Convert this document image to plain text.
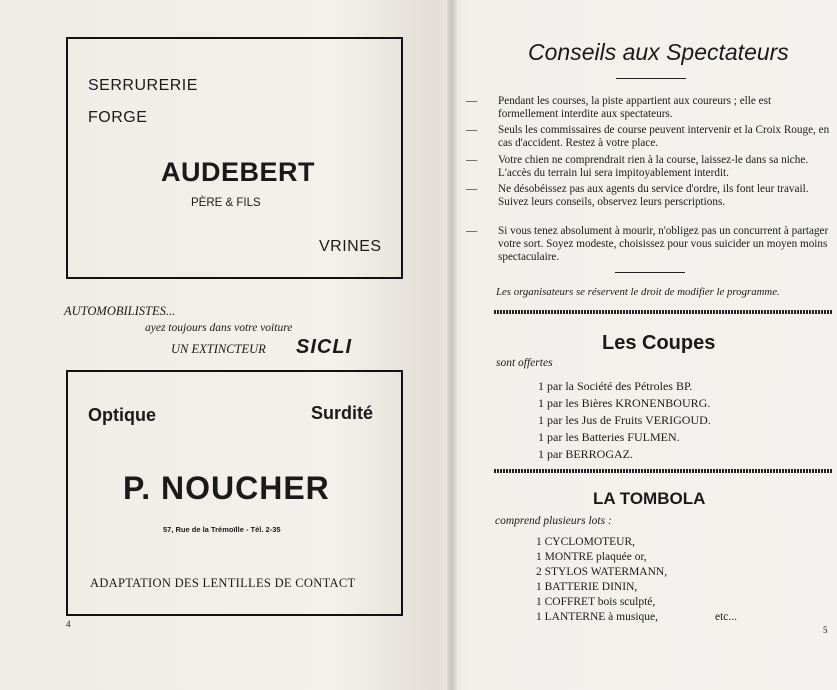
SERRURERIE
FORGE
AUDEBERT
PÈRE & FILS
VRINES
AUTOMOBILISTES...
ayez toujours dans votre voiture
UN EXTINCTEUR SICLI
Optique	Surdité
P. NOUCHER
57, Rue de la Trémoïlle - Tél. 2-35
ADAPTATION DES LENTILLES DE CONTACT
4
Conseils aux Spectateurs
— Pendant les courses, la piste appartient aux coureurs ; elle est formellement interdite aux spectateurs.
— Seuls les commissaires de course peuvent intervenir et la Croix Rouge, en cas d'accident. Restez à votre place.
— Votre chien ne comprendrait rien à la course, laissez-le dans sa niche. L'accès du terrain lui sera impitoyablement interdit.
— Ne désobéissez pas aux agents du service d'ordre, ils font leur travail. Suivez leurs conseils, observez leurs perscriptions.
— Si vous tenez absolument à mourir, n'obligez pas un concurrent à partager votre sort. Soyez modeste, choisissez pour vous suicider un moyen moins spectaculaire.
Les organisateurs se réservent le droit de modifier le programme.
Les Coupes
sont offertes
1 par la Société des Pétroles BP.
1 par les Bières KRONENBOURG.
1 par les Jus de Fruits VERIGOUD.
1 par les Batteries FULMEN.
1 par BERROGAZ.
LA TOMBOLA
comprend plusieurs lots :
1 CYCLOMOTEUR,
1 MONTRE plaquée or,
2 STYLOS WATERMANN,
1 BATTERIE DININ,
1 COFFRET bois sculpté,
1 LANTERNE à musique,	etc...
5
